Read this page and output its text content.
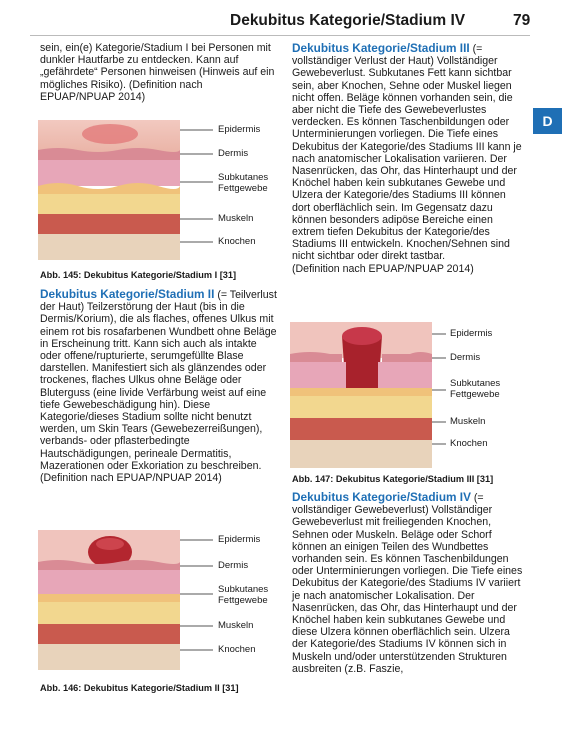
Dekubitus Kategorie/Stadium IV	79
D

sein, ein(e) Kategorie/Stadium I bei Personen mit dunkler Hautfarbe zu entdecken. Kann auf „gefährdete“ Personen hinweisen (Hinweis auf ein mögliches Risiko). (Definition nach EPUAP/NPUAP 2014)

Epidermis
Dermis
Subkutanes
Fettgewebe
Muskeln
Knochen
Abb. 145: Dekubitus Kategorie/Stadium I [31]

Dekubitus Kategorie/Stadium II (= Teilverlust der Haut) Teilzerstörung der Haut (bis in die Dermis/Korium), die als flaches, offenes Ulkus mit einem rot bis rosafarbenen Wundbett ohne Beläge in Erscheinung tritt. Kann sich auch als intakte oder offene/rupturierte, serumgefüllte Blase darstellen. Manifestiert sich als glänzendes oder trockenes, flaches Ulkus ohne Beläge oder Bluterguss (eine livide Verfärbung weist auf eine tiefe Gewebeschädigung hin). Diese Kategorie/dieses Stadium sollte nicht benutzt werden, um Skin Tears (Gewebezerreißungen), verbands- oder pflasterbedingte Hautschädigungen, perineale Dermatitis, Mazerationen oder Exkoriation zu beschreiben.

(Definition nach EPUAP/NPUAP 2014)

Epidermis
Dermis
Subkutanes
Fettgewebe
Muskeln
Knochen
Abb. 146: Dekubitus Kategorie/Stadium II [31]

Dekubitus Kategorie/Stadium III (= vollständiger Verlust der Haut) Vollständiger Gewebeverlust. Subkutanes Fett kann sichtbar sein, aber Knochen, Sehne oder Muskel liegen nicht offen. Beläge können vorhanden sein, die aber nicht die Tiefe des Gewebeverlustes verdecken. Es können Taschenbildungen oder Unterminierungen vorliegen. Die Tiefe eines Dekubitus der Kategorie/des Stadiums III kann je nach anatomischer Lokalisation variieren. Der Nasenrücken, das Ohr, das Hinterhaupt und der Knöchel haben kein subkutanes Gewebe und Ulzera der Kategorie/des Stadiums III können dort oberflächlich sein. Im Gegensatz dazu können besonders adipöse Bereiche einen extrem tiefen Dekubitus der Kategorie/des Stadiums III entwickeln. Knochen/Sehnen sind nicht sichtbar oder direkt tastbar.

(Definition nach EPUAP/NPUAP 2014)

Epidermis
Dermis
Subkutanes
Fettgewebe
Muskeln
Knochen
Abb. 147: Dekubitus Kategorie/Stadium III [31]

Dekubitus Kategorie/Stadium IV (= vollständiger Gewebeverlust) Vollständiger Gewebeverlust mit freiliegenden Knochen, Sehnen oder Muskeln. Beläge oder Schorf können an einigen Teilen des Wundbettes vorhanden sein. Es können Taschenbildungen oder Unterminierungen vorliegen. Die Tiefe eines Dekubitus der Kategorie/des Stadiums IV variiert je nach anatomischer Lokalisation. Der Nasenrücken, das Ohr, das Hinterhaupt und der Knöchel haben kein subkutanes Gewebe und diese Ulzera können oberflächlich sein. Ulzera der Kategorie/des Stadiums IV können sich in Muskeln und/oder unterstützenden Strukturen ausbreiten (z.B. Faszie,
